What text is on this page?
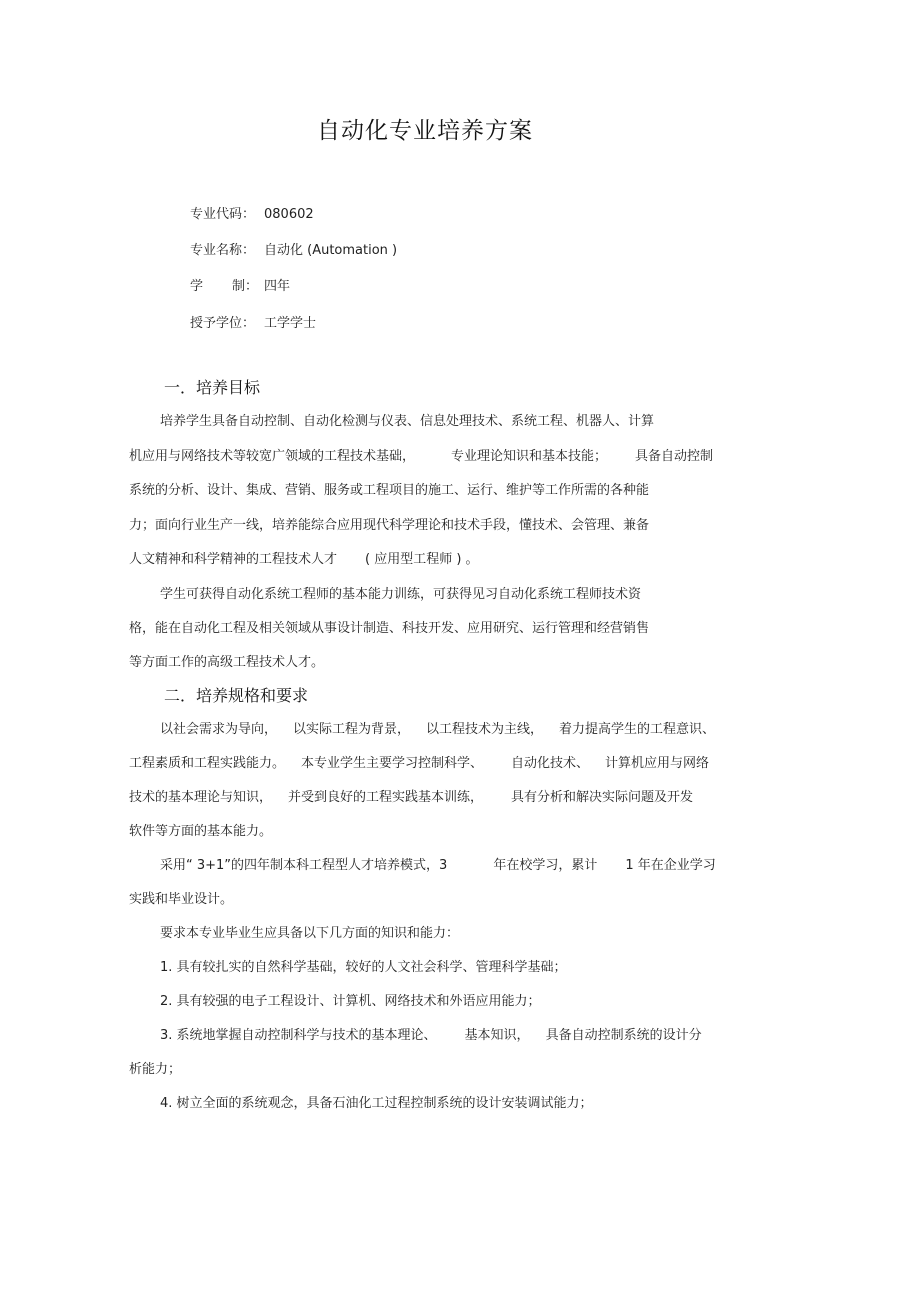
自动化专业培养方案
专业代码： 080602
专业名称： 自动化 (Automation )
学 制： 四年
授予学位： 工学学士
一．培养目标
培养学生具备自动控制、自动化检测与仪表、信息处理技术、系统工程、机器人、计算
机应用与网络技术等较宽广领域的工程技术基础，	专业理论知识和基本技能； 具备自动控制
系统的分析、设计、集成、营销、服务或工程项目的施工、运行、维护等工作所需的各种能
力；面向行业生产一线，培养能综合应用现代科学理论和技术手段，懂技术、会管理、兼备
人文精神和科学精神的工程技术人才 ( 应用型工程师 ) 。
学生可获得自动化系统工程师的基本能力训练，可获得见习自动化系统工程师技术资
格，能在自动化工程及相关领域从事设计制造、科技开发、应用研究、运行管理和经营销售
等方面工作的高级工程技术人才。
二．培养规格和要求
以社会需求为导向， 以实际工程为背景， 以工程技术为主线， 着力提高学生的工程意识、
工程素质和工程实践能力。 本专业学生主要学习控制科学、 自动化技术、 计算机应用与网络
技术的基本理论与知识， 并受到良好的工程实践基本训练， 具有分析和解决实际问题及开发
软件等方面的基本能力。
采用“ 3+1”的四年制本科工程型人才培养模式，3	年在校学习，累计 1 年在企业学习
实践和毕业设计。
要求本专业毕业生应具备以下几方面的知识和能力：
1. 具有较扎实的自然科学基础，较好的人文社会科学、管理科学基础；
2. 具有较强的电子工程设计、计算机、网络技术和外语应用能力；
3. 系统地掌握自动控制科学与技术的基本理论、 基本知识， 具备自动控制系统的设计分
析能力；
4. 树立全面的系统观念，具备石油化工过程控制系统的设计安装调试能力；
